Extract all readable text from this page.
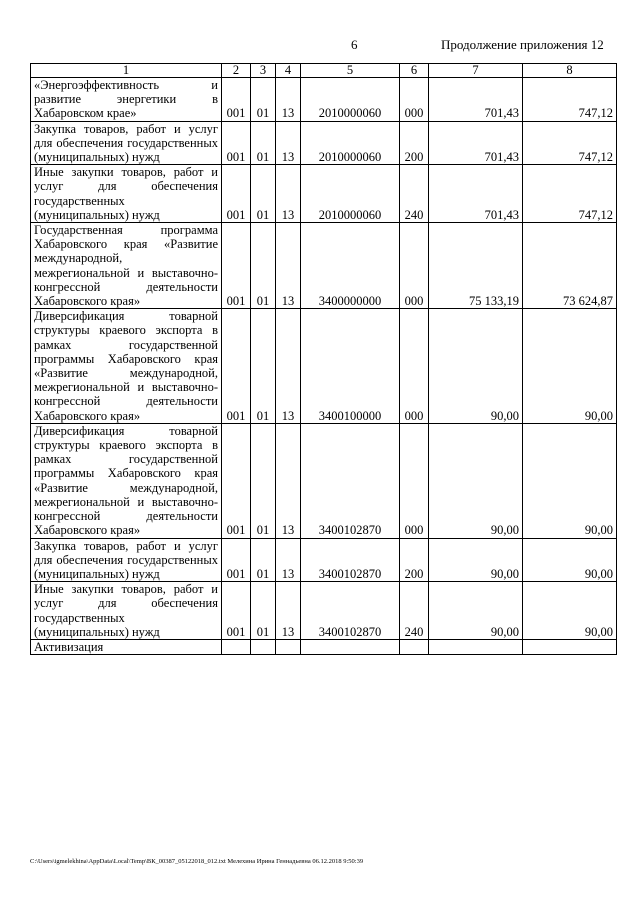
6	Продолжение приложения 12
1	2	3	4	5	6	7	8
«Энергоэффективность и развитие энергетики в Хабаровском крае»	001	01	13	2010000060	000	701,43	747,12
Закупка товаров, работ и услуг для обеспечения государственных (муниципальных) нужд	001	01	13	2010000060	200	701,43	747,12
Иные закупки товаров, работ и услуг для обеспечения государственных (муниципальных) нужд	001	01	13	2010000060	240	701,43	747,12
Государственная программа Хабаровского края «Развитие международной, межрегиональной и выставочно-конгрессной деятельности Хабаровского края»	001	01	13	3400000000	000	75 133,19	73 624,87
Диверсификация товарной структуры краевого экспорта в рамках государственной программы Хабаровского края «Развитие международной, межрегиональной и выставочно-конгрессной деятельности Хабаровского края»	001	01	13	3400100000	000	90,00	90,00
Диверсификация товарной структуры краевого экспорта в рамках государственной программы Хабаровского края «Развитие международной, межрегиональной и выставочно-конгрессной деятельности Хабаровского края»	001	01	13	3400102870	000	90,00	90,00
Закупка товаров, работ и услуг для обеспечения государственных (муниципальных) нужд	001	01	13	3400102870	200	90,00	90,00
Иные закупки товаров, работ и услуг для обеспечения государственных (муниципальных) нужд	001	01	13	3400102870	240	90,00	90,00
Активизация							
C:\Users\igmelekhina\AppData\Local\Temp\ВК_00387_05122018_012.txt Мелехина Ирина Геннадьевна 06.12.2018 9:50:39
